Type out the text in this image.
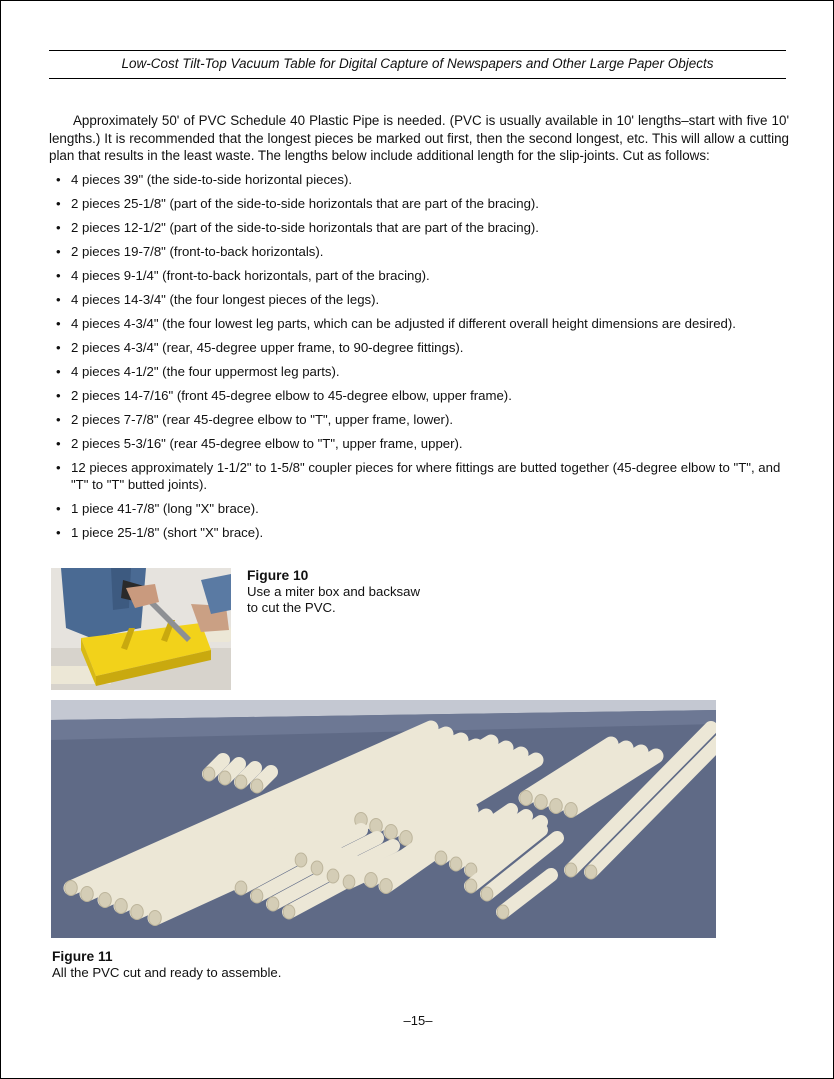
Low-Cost Tilt-Top Vacuum Table for Digital Capture of Newspapers and Other Large Paper Objects

Approximately 50' of PVC Schedule 40 Plastic Pipe is needed. (PVC is usually available in 10' lengths–start with five 10' lengths.) It is recommended that the longest pieces be marked out first, then the second longest, etc. This will allow a cutting plan that results in the least waste. The lengths below include additional length for the slip-joints. Cut as follows:

• 4 pieces 39" (the side-to-side horizontal pieces).
• 2 pieces 25-1/8" (part of the side-to-side horizontals that are part of the bracing).
• 2 pieces 12-1/2" (part of the side-to-side horizontals that are part of the bracing).
• 2 pieces 19-7/8" (front-to-back horizontals).
• 4 pieces 9-1/4" (front-to-back horizontals, part of the bracing).
• 4 pieces 14-3/4" (the four longest pieces of the legs).
• 4 pieces 4-3/4" (the four lowest leg parts, which can be adjusted if different overall height dimensions are desired).
• 2 pieces 4-3/4" (rear, 45-degree upper frame, to 90-degree fittings).
• 4 pieces 4-1/2" (the four uppermost leg parts).
• 2 pieces 14-7/16" (front 45-degree elbow to 45-degree elbow, upper frame).
• 2 pieces 7-7/8" (rear 45-degree elbow to "T", upper frame, lower).
• 2 pieces 5-3/16" (rear 45-degree elbow to "T", upper frame, upper).
• 12 pieces approximately 1-1/2" to 1-5/8" coupler pieces for where fittings are butted together (45-degree elbow to "T", and "T" to "T" butted joints).
• 1 piece 41-7/8" (long "X" brace).
• 1 piece 25-1/8" (short "X" brace).
Figure 10
Use a miter box and backsaw
to cut the PVC.
Figure 11
All the PVC cut and ready to assemble.
–15–
